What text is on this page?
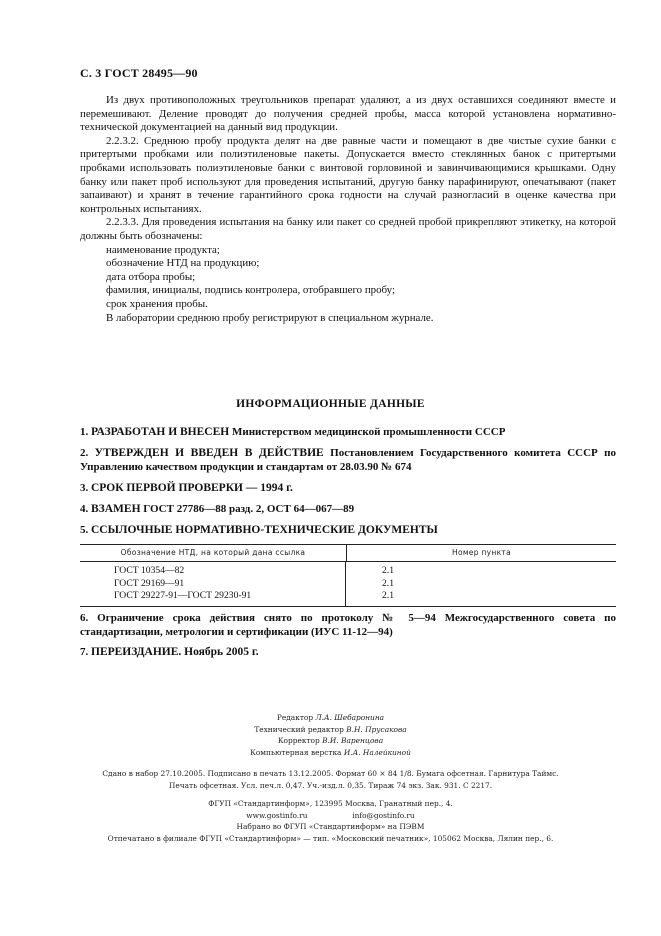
С. 3 ГОСТ 28495—90

Из двух противоположных треугольников препарат удаляют, а из двух оставшихся соединяют вместе и перемешивают. Деление проводят до получения средней пробы, масса которой установлена нормативно-технической документацией на данный вид продукции.

2.2.3.2. Среднюю пробу продукта делят на две равные части и помещают в две чистые сухие банки с притертыми пробками или полиэтиленовые пакеты. Допускается вместо стеклянных банок с притертыми пробками использовать полиэтиленовые банки с винтовой горловиной и завинчивающимися крышками. Одну банку или пакет проб используют для проведения испытаний, другую банку парафинируют, опечатывают (пакет запаивают) и хранят в течение гарантийного срока годности на случай разногласий в оценке качества при контрольных испытаниях.

2.2.3.3. Для проведения испытания на банку или пакет со средней пробой прикрепляют этикетку, на которой должны быть обозначены:

наименование продукта;

обозначение НТД на продукцию;

дата отбора пробы;

фамилия, инициалы, подпись контролера, отобравшего пробу;

срок хранения пробы.

В лаборатории среднюю пробу регистрируют в специальном журнале.

ИНФОРМАЦИОННЫЕ ДАННЫЕ
1. РАЗРАБОТАН И ВНЕСЕН Министерством медицинской промышленности СССР
2. УТВЕРЖДЕН И ВВЕДЕН В ДЕЙСТВИЕ Постановлением Государственного комитета СССР по Управлению качеством продукции и стандартам от 28.03.90 № 674
3. СРОК ПЕРВОЙ ПРОВЕРКИ — 1994 г.
4. ВЗАМЕН ГОСТ 27786—88 разд. 2, ОСТ 64—067—89
5. ССЫЛОЧНЫЕ НОРМАТИВНО-ТЕХНИЧЕСКИЕ ДОКУМЕНТЫ
Обозначение НТД, на который дана ссылка	Номер пункта
ГОСТ 10354—82
ГОСТ 29169—91
ГОСТ 29227-91—ГОСТ 29230-91
2.1
2.1
2.1
6. Ограничение срока действия снято по протоколу № 5—94 Межгосударственного совета по стандартизации, метрологии и сертификации (ИУС 11-12—94)
7. ПЕРЕИЗДАНИЕ. Ноябрь 2005 г.
Редактор Л.А. Шебаронина
Технический редактор В.Н. Прусакова
Корректор В.И. Варенцова
Компьютерная верстка И.А. Налейкиной
Сдано в набор 27.10.2005. Подписано в печать 13.12.2005. Формат 60 × 84 1/8. Бумага офсетная. Гарнитура Таймс.
Печать офсетная. Усл. печ.л. 0,47. Уч.-изд.л. 0,35. Тираж 74 экз. Зак. 931. С 2217.
ФГУП «Стандартинформ», 123995 Москва, Гранатный пер., 4.
www.gostinfo.ru	info@gostinfo.ru
Набрано во ФГУП «Стандартинформ» на ПЭВМ
Отпечатано в филиале ФГУП «Стандартинформ» — тип. «Московский печатник», 105062 Москва, Лялин пер., 6.
